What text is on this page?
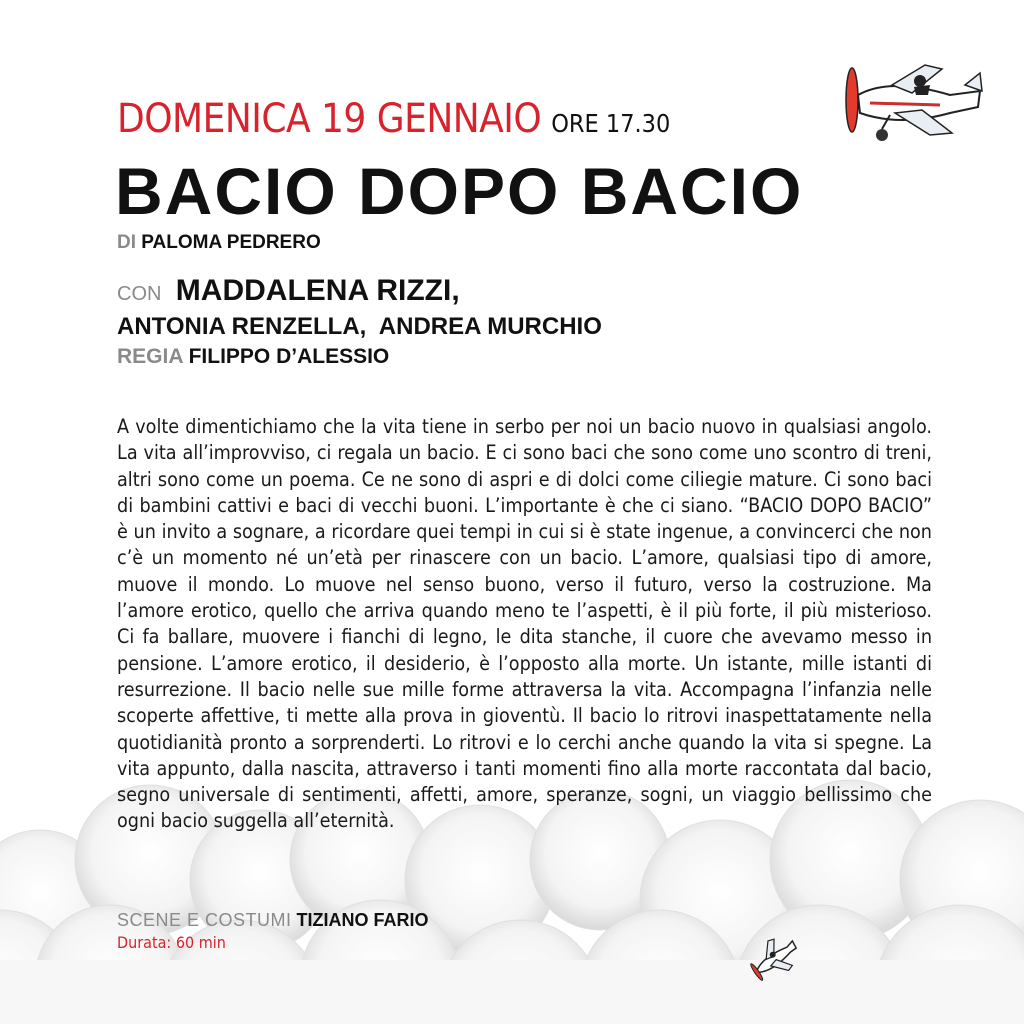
DOMENICA 19 GENNAIO ORE 17.30
BACIO DOPO BACIO
DI PALOMA PEDRERO
CON MADDALENA RIZZI,
ANTONIA RENZELLA,  ANDREA MURCHIO
REGIA FILIPPO D’ALESSIO

A volte dimentichiamo che la vita tiene in serbo per noi un bacio nuovo in qualsiasi angolo. La vita all’improvviso, ci regala un bacio. E ci sono baci che sono come uno scontro di treni, altri sono come un poema. Ce ne sono di aspri e di dolci come ciliegie mature. Ci sono baci di bambini cattivi e baci di vecchi buoni. L’importante è che ci siano. “BACIO DOPO BACIO” è un invito a sognare, a ricordare quei tempi in cui si è state ingenue, a convincerci che non c’è un momento né un’età per rinascere con un bacio. L’amore, qualsiasi tipo di amore, muove il mondo. Lo muove nel senso buono, verso il futuro, verso la costruzione. Ma l’amore erotico, quello che arriva quando meno te l’aspetti, è il più forte, il più misterioso. Ci fa ballare, muovere i fianchi di legno, le dita stanche, il cuore che avevamo messo in pensione. L’amore erotico, il desiderio, è l’opposto alla morte. Un istante, mille istanti di resurrezione. Il bacio nelle sue mille forme attraversa la vita. Accompagna l’infanzia nelle scoperte affettive, ti mette alla prova in gioventù. Il bacio lo ritrovi inaspettatamente nella quotidianità pronto a sorprenderti. Lo ritrovi e lo cerchi anche quando la vita si spegne. La vita appunto, dalla nascita, attraverso i tanti momenti fino alla morte raccontata dal bacio, segno universale di sentimenti, affetti, amore, speranze, sogni, un viaggio bellissimo che ogni bacio suggella all’eternità.

SCENE E COSTUMI TIZIANO FARIO
Durata: 60 min
